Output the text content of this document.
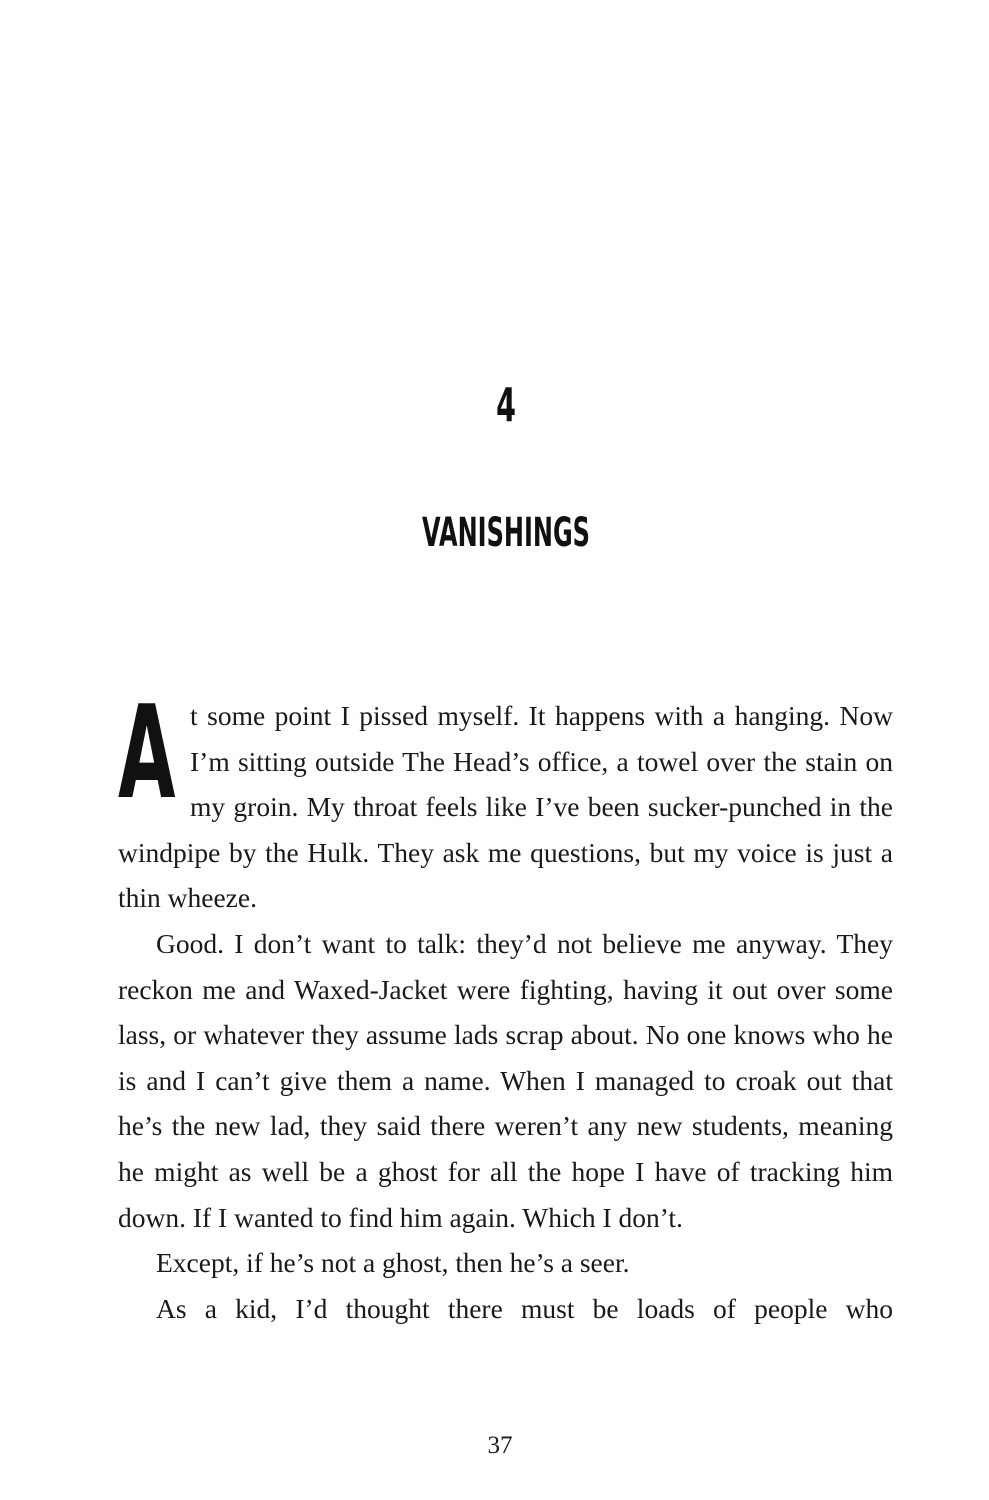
4
VANISHINGS

At some point I pissed myself. It happens with a hanging. Now I’m sitting outside The Head’s office, a towel over the stain on my groin. My throat feels like I’ve been sucker-punched in the windpipe by the Hulk. They ask me questions, but my voice is just a thin wheeze.

Good. I don’t want to talk: they’d not believe me anyway. They reckon me and Waxed-Jacket were fighting, having it out over some lass, or whatever they assume lads scrap about. No one knows who he is and I can’t give them a name. When I managed to croak out that he’s the new lad, they said there weren’t any new students, meaning he might as well be a ghost for all the hope I have of tracking him down. If I wanted to find him again. Which I don’t.

Except, if he’s not a ghost, then he’s a seer.

As a kid, I’d thought there must be loads of people who

37
